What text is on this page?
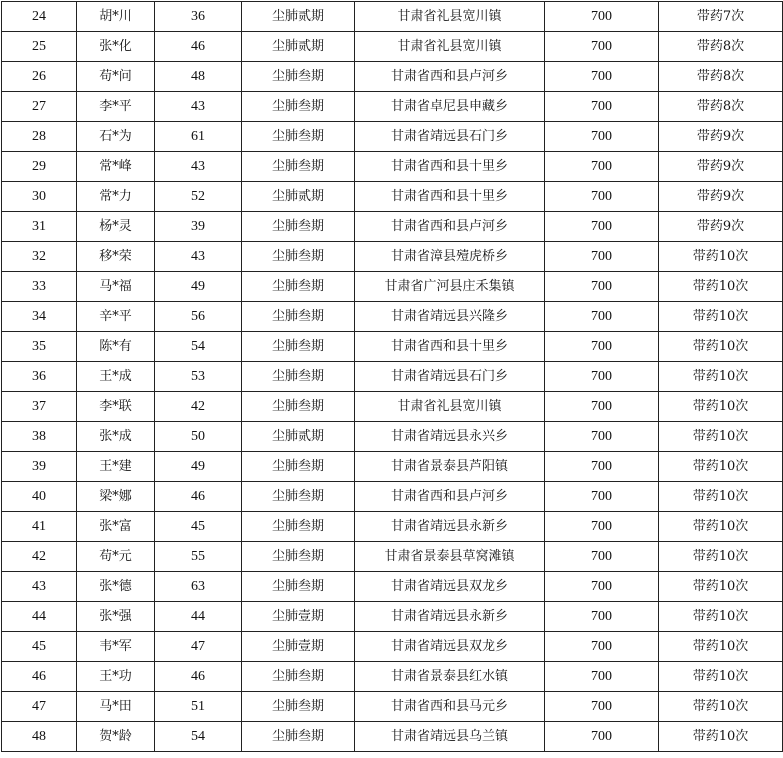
24	胡*川	36	尘肺贰期	甘肃省礼县宽川镇	700	带药7次
25	张*化	46	尘肺贰期	甘肃省礼县宽川镇	700	带药8次
26	苟*问	48	尘肺叁期	甘肃省西和县卢河乡	700	带药8次
27	李*平	43	尘肺叁期	甘肃省卓尼县申藏乡	700	带药8次
28	石*为	61	尘肺叁期	甘肃省靖远县石门乡	700	带药9次
29	常*峰	43	尘肺叁期	甘肃省西和县十里乡	700	带药9次
30	常*力	52	尘肺贰期	甘肃省西和县十里乡	700	带药9次
31	杨*灵	39	尘肺叁期	甘肃省西和县卢河乡	700	带药9次
32	移*荣	43	尘肺叁期	甘肃省漳县殪虎桥乡	700	带药10次
33	马*福	49	尘肺叁期	甘肃省广河县庄禾集镇	700	带药10次
34	辛*平	56	尘肺叁期	甘肃省靖远县兴隆乡	700	带药10次
35	陈*有	54	尘肺叁期	甘肃省西和县十里乡	700	带药10次
36	王*成	53	尘肺叁期	甘肃省靖远县石门乡	700	带药10次
37	李*联	42	尘肺叁期	甘肃省礼县宽川镇	700	带药10次
38	张*成	50	尘肺贰期	甘肃省靖远县永兴乡	700	带药10次
39	王*建	49	尘肺叁期	甘肃省景泰县芦阳镇	700	带药10次
40	梁*娜	46	尘肺叁期	甘肃省西和县卢河乡	700	带药10次
41	张*富	45	尘肺叁期	甘肃省靖远县永新乡	700	带药10次
42	苟*元	55	尘肺叁期	甘肃省景泰县草窝滩镇	700	带药10次
43	张*德	63	尘肺叁期	甘肃省靖远县双龙乡	700	带药10次
44	张*强	44	尘肺壹期	甘肃省靖远县永新乡	700	带药10次
45	韦*军	47	尘肺壹期	甘肃省靖远县双龙乡	700	带药10次
46	王*功	46	尘肺叁期	甘肃省景泰县红水镇	700	带药10次
47	马*田	51	尘肺叁期	甘肃省西和县马元乡	700	带药10次
48	贺*龄	54	尘肺叁期	甘肃省靖远县乌兰镇	700	带药10次
